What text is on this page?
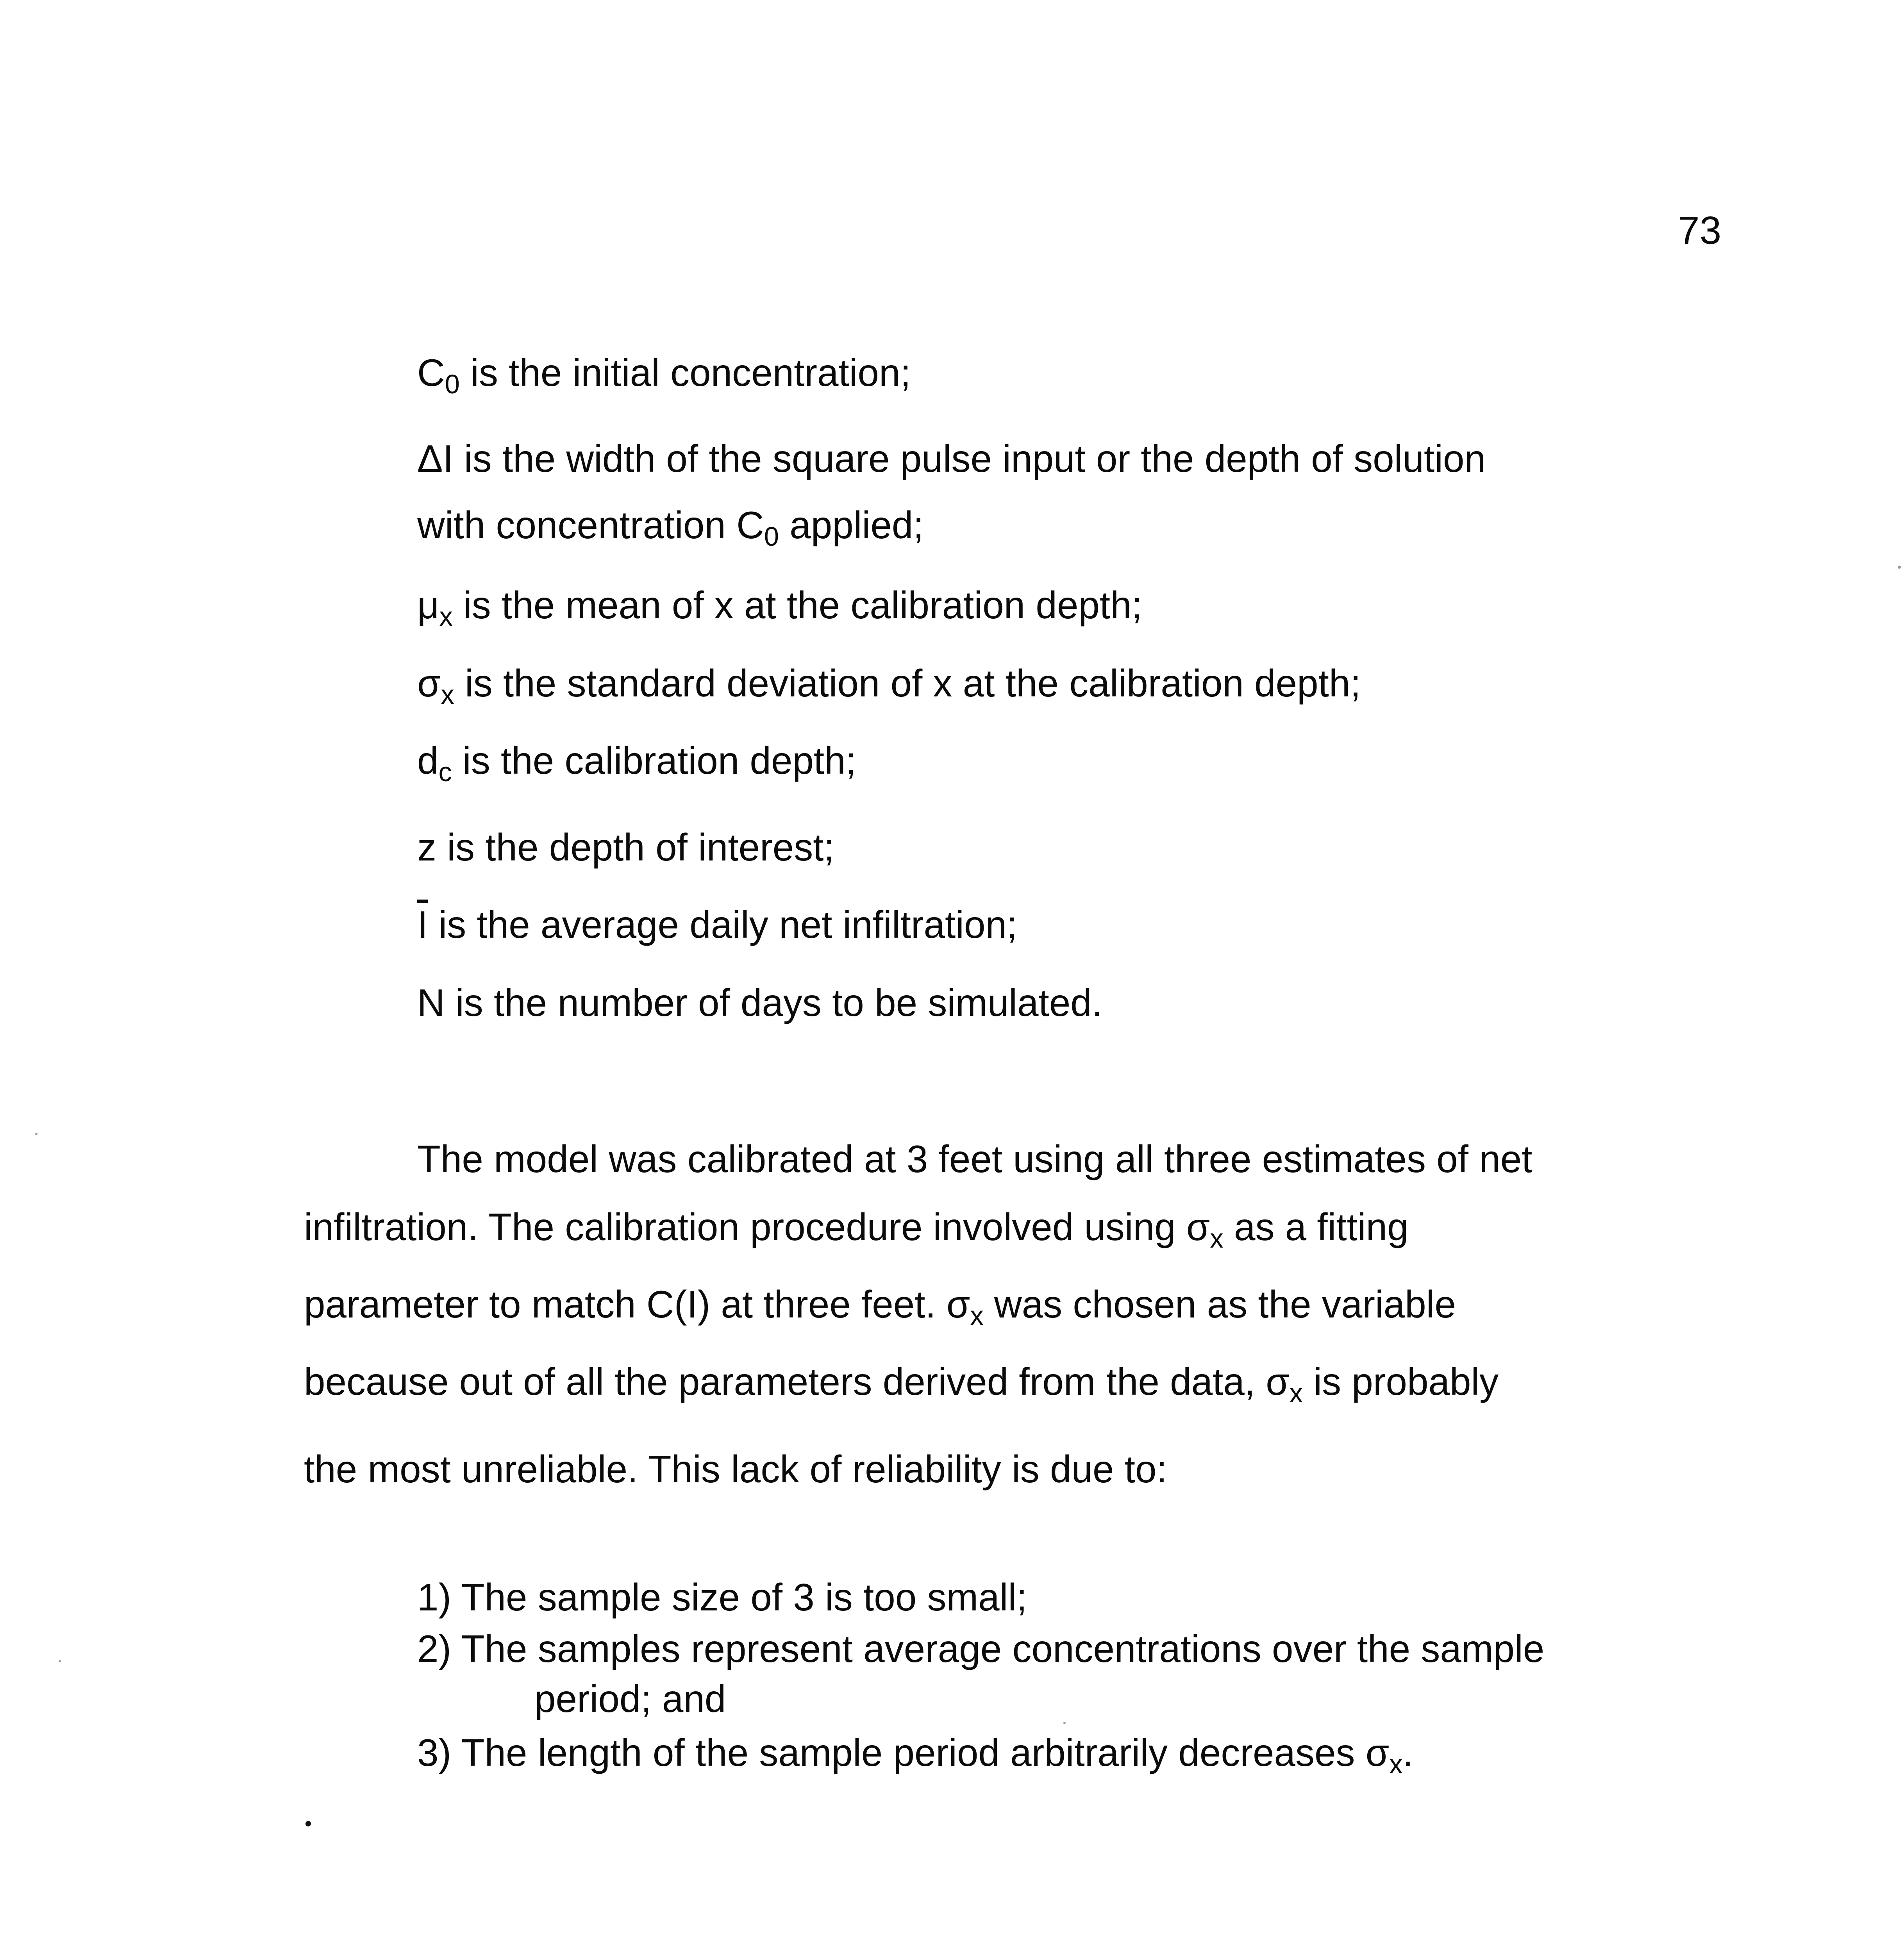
73
$C_0$ is the initial concentration;
ΔI is the width of the square pulse input or the depth of solution
with concentration $C_0$ applied;
$\mu_x$ is the mean of x at the calibration depth;
$\sigma_x$ is the standard deviation of x at the calibration depth;
$d_c$ is the calibration depth;
z is the depth of interest;
$\overline{I}$ is the average daily net infiltration;
N is the number of days to be simulated.
The model was calibrated at 3 feet using all three estimates of net
infiltration. The calibration procedure involved using $\sigma_x$ as a fitting
parameter to match C(I) at three feet. $\sigma_x$ was chosen as the variable
because out of all the parameters derived from the data, $\sigma_x$ is probably
the most unreliable. This lack of reliability is due to:
1) The sample size of 3 is too small;
2) The samples represent average concentrations over the sample
period; and
3) The length of the sample period arbitrarily decreases $\sigma_x$.
